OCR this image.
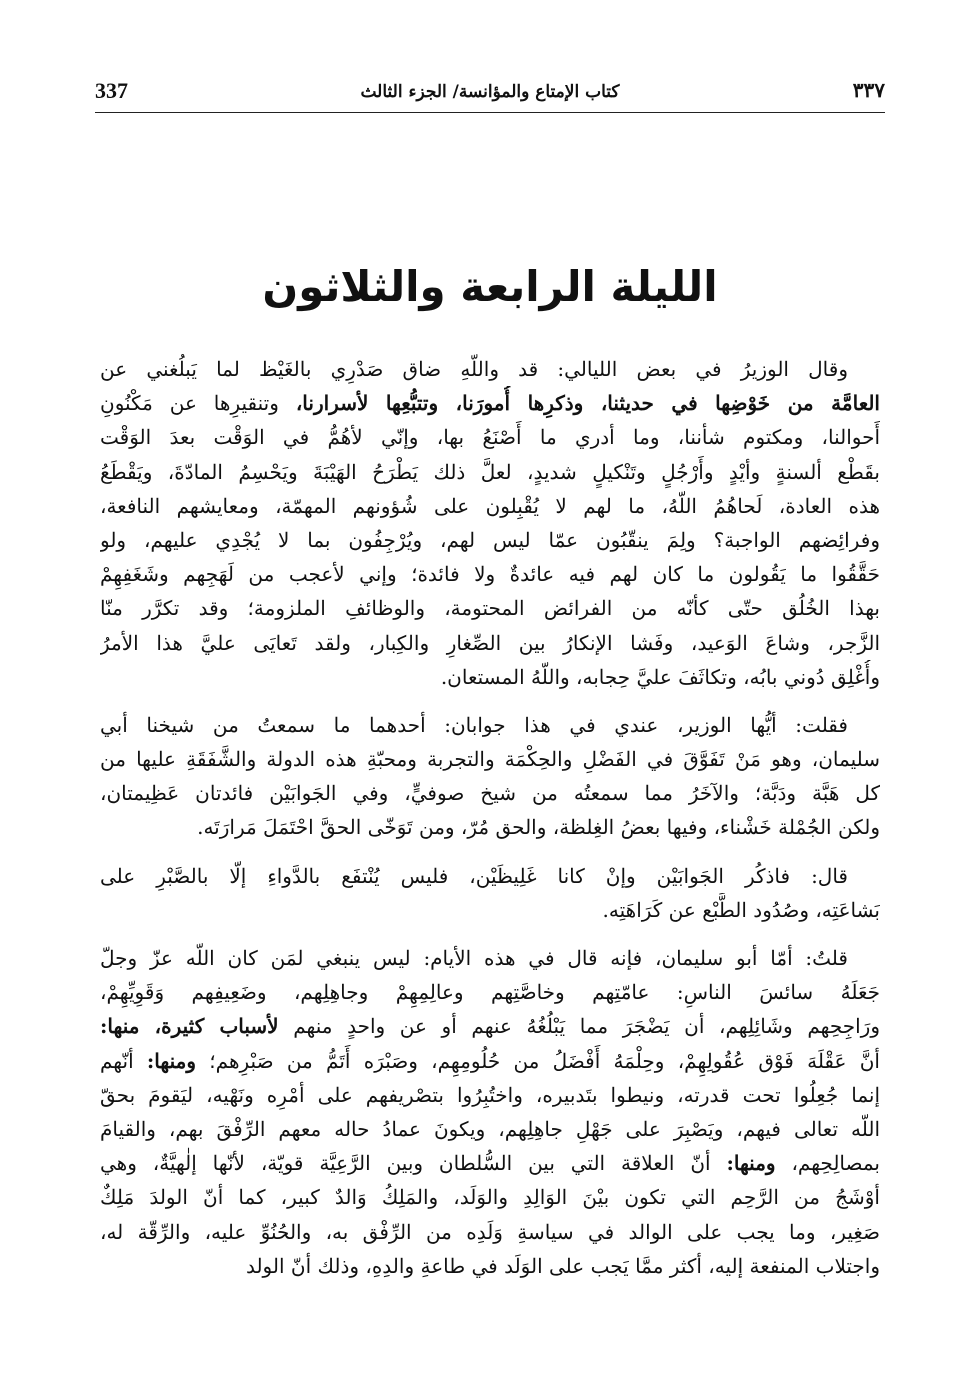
٣٣٧
كتاب الإمتاع والمؤانسة/ الجزء الثالث
337
الليلة الرابعة والثلاثون
وقال الوزيرُ في بعض الليالي: قد واللّهِ ضاق صَدْرِي بالغَيْظ لما يَبلُغني عن
العامَّة من خَوْضِها في حديثنا، وذكرِها أُمورَنا، وتتبُّعِها لأسرارنا، وتنقيرِها عن مَكْنُونِ
أَحوالنا، ومكتوم شأننا، وما أدري ما أَصْنَعُ بها، وإنّي لأهُمُّ في الوَقْت بعدَ الوَقْت
بقَطْع ألسنةٍ وأيْدٍ وأَرْجُلٍ وتَنْكيلٍ شديدٍ، لعلَّ ذلك يَطْرَحُ الهَيْبَةَ ويَحْسِمُ المادّةَ، ويَقْطَعُ
هذه العادة، لَحاهُمُ اللّهُ، ما لهم لا يُقْبِلون على شُؤونهم المهمّة، ومعايشهم النافعة،
وفرائِضهم الواجبة؟ ولِمَ ينقّبُون عمّا ليس لهم، ويُرْجِفُون بما لا يُجْدِي عليهم، ولو
حَقَّقُوا ما يَقُولون ما كان لهم فيه عائدةٌ ولا فائدة؛ وإني لأعجب من لَهَجِهم وشَغَفِهِمْ
بهذا الخُلُق حتّى كأنّه من الفرائض المحتومة، والوظائفِ الملزومة؛ وقد تكرَّر منّا
الزَّجر، وشاعَ الوَعيد، وفَشا الإنكارُ بين الصِّغارِ والكِبار، ولقد تَعايَى عليَّ هذا الأمرُ
وأُغْلِق دُوني بابُه، وتكاثَفَ عليَّ حِجابه، واللّهُ المستعان.
فقلت: أيُّها الوزير، عندي في هذا جوابان: أحدهما ما سمعتُ من شيخنا أبي
سليمان، وهو مَنْ تَفَوَّقَ في الفَضْلِ والحِكْمَة والتجربة ومحبّةِ هذه الدولة والشَّفَقَةِ عليها من
كل هَبَّة ودَبَّة؛ والآخَرُ مما سمعتُه من شيخ صوفيٍّ، وفي الجَوابَيْن فائدتان عَظِيمتان،
ولكن الجُمْلة خَشْناء، وفيها بعضُ الغِلظة، والحق مُرّ، ومن تَوَخّى الحقَّ احْتَمَلَ مَرارَتَه.
قال: فاذكُر الجَوابَيْن وإنْ كانا غَلِيظَيْن، فليس يُنْتفَع بالدَّواءِ إلّا بالصَّبْرِ على
بَشاعَتِه، وصُدُود الطَّبْع عن كَرَاهَتِه.
قلتُ: أمّا أبو سليمان، فإنه قال في هذه الأيام: ليس ينبغي لمَن كان اللّه عزّ وجلّ
جَعَلَهُ سائسَ الناسِ: عامّتِهم وخاصَّتِهم وعالِمِهِمْ وجاهِلِهم، وضَعِيفِهم وَقَوِيِّهِمْ،
ورَاجِحِهم وشَائِلِهم، أن يَضْجَرَ مما يَبْلُغُهُ عنهم أو عن واحدٍ منهم لأسباب كثيرة، منها:
أنَّ عَقْلَهَ فَوْق عُقُولِهِمْ، وحِلْمَهُ أَفْضَلُ من حُلُومِهِم، وصَبْرَه أَتَمُّ من صَبْرِهم؛ ومنها: أنّهم
إنما جُعِلُوا تحت قدرته، ونيطوا بتَدبيره، واختُبِرُوا بتصْريفهم على أمْرِه ونَهْيه، ليَقومَ بحقّ
اللّه تعالى فيهم، ويَصْبِرَ على جَهْلِ جاهِلِهم، ويكونَ عمادُ حاله معهم الرِّفْقَ بهم، والقيامَ
بمصالِحِهم، ومنها: أنّ العلاقة التي بين السُّلطان وبين الرَّعِيَّة قويّة، لأنّها إلٰهيَّةٌ، وهي
أوْشَجُ من الرَّحِم التي تكون بيْنَ الوَالِدِ والوَلَد، والمَلِكُ وَالدٌ كبير، كما أنّ الولدَ مَلِكٌ
صَغِير، وما يجب على الوالد في سياسةِ وَلَدِه من الرِّفْق به، والحُنُوِّ عليه، والرِّقّة له،
واجتلاب المنفعة إليه، أكثر ممَّا يَجب على الوَلَد في طاعةِ والدِهِ، وذلك أنّ الولد
